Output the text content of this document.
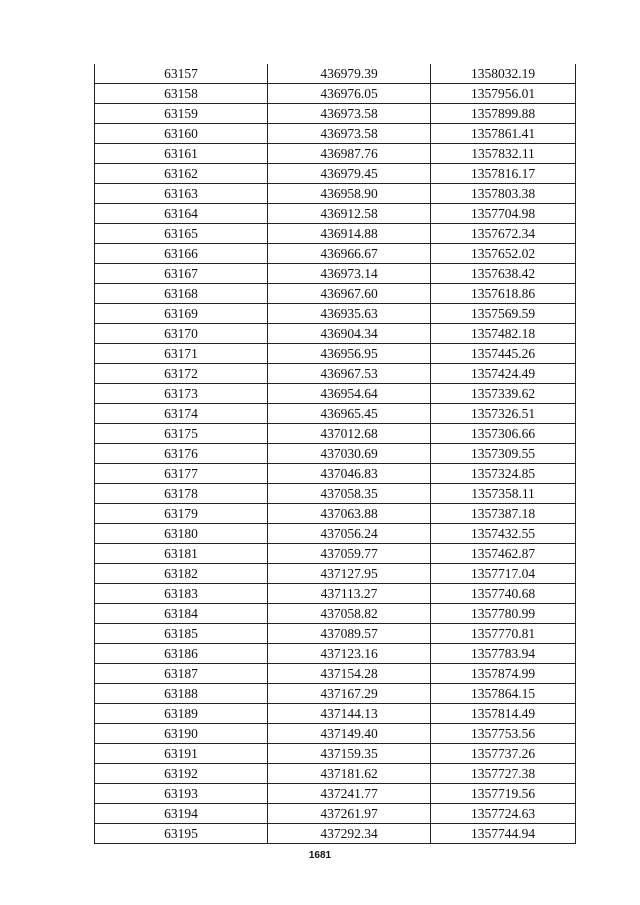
63157	436979.39	1358032.19
63158	436976.05	1357956.01
63159	436973.58	1357899.88
63160	436973.58	1357861.41
63161	436987.76	1357832.11
63162	436979.45	1357816.17
63163	436958.90	1357803.38
63164	436912.58	1357704.98
63165	436914.88	1357672.34
63166	436966.67	1357652.02
63167	436973.14	1357638.42
63168	436967.60	1357618.86
63169	436935.63	1357569.59
63170	436904.34	1357482.18
63171	436956.95	1357445.26
63172	436967.53	1357424.49
63173	436954.64	1357339.62
63174	436965.45	1357326.51
63175	437012.68	1357306.66
63176	437030.69	1357309.55
63177	437046.83	1357324.85
63178	437058.35	1357358.11
63179	437063.88	1357387.18
63180	437056.24	1357432.55
63181	437059.77	1357462.87
63182	437127.95	1357717.04
63183	437113.27	1357740.68
63184	437058.82	1357780.99
63185	437089.57	1357770.81
63186	437123.16	1357783.94
63187	437154.28	1357874.99
63188	437167.29	1357864.15
63189	437144.13	1357814.49
63190	437149.40	1357753.56
63191	437159.35	1357737.26
63192	437181.62	1357727.38
63193	437241.77	1357719.56
63194	437261.97	1357724.63
63195	437292.34	1357744.94
1681
